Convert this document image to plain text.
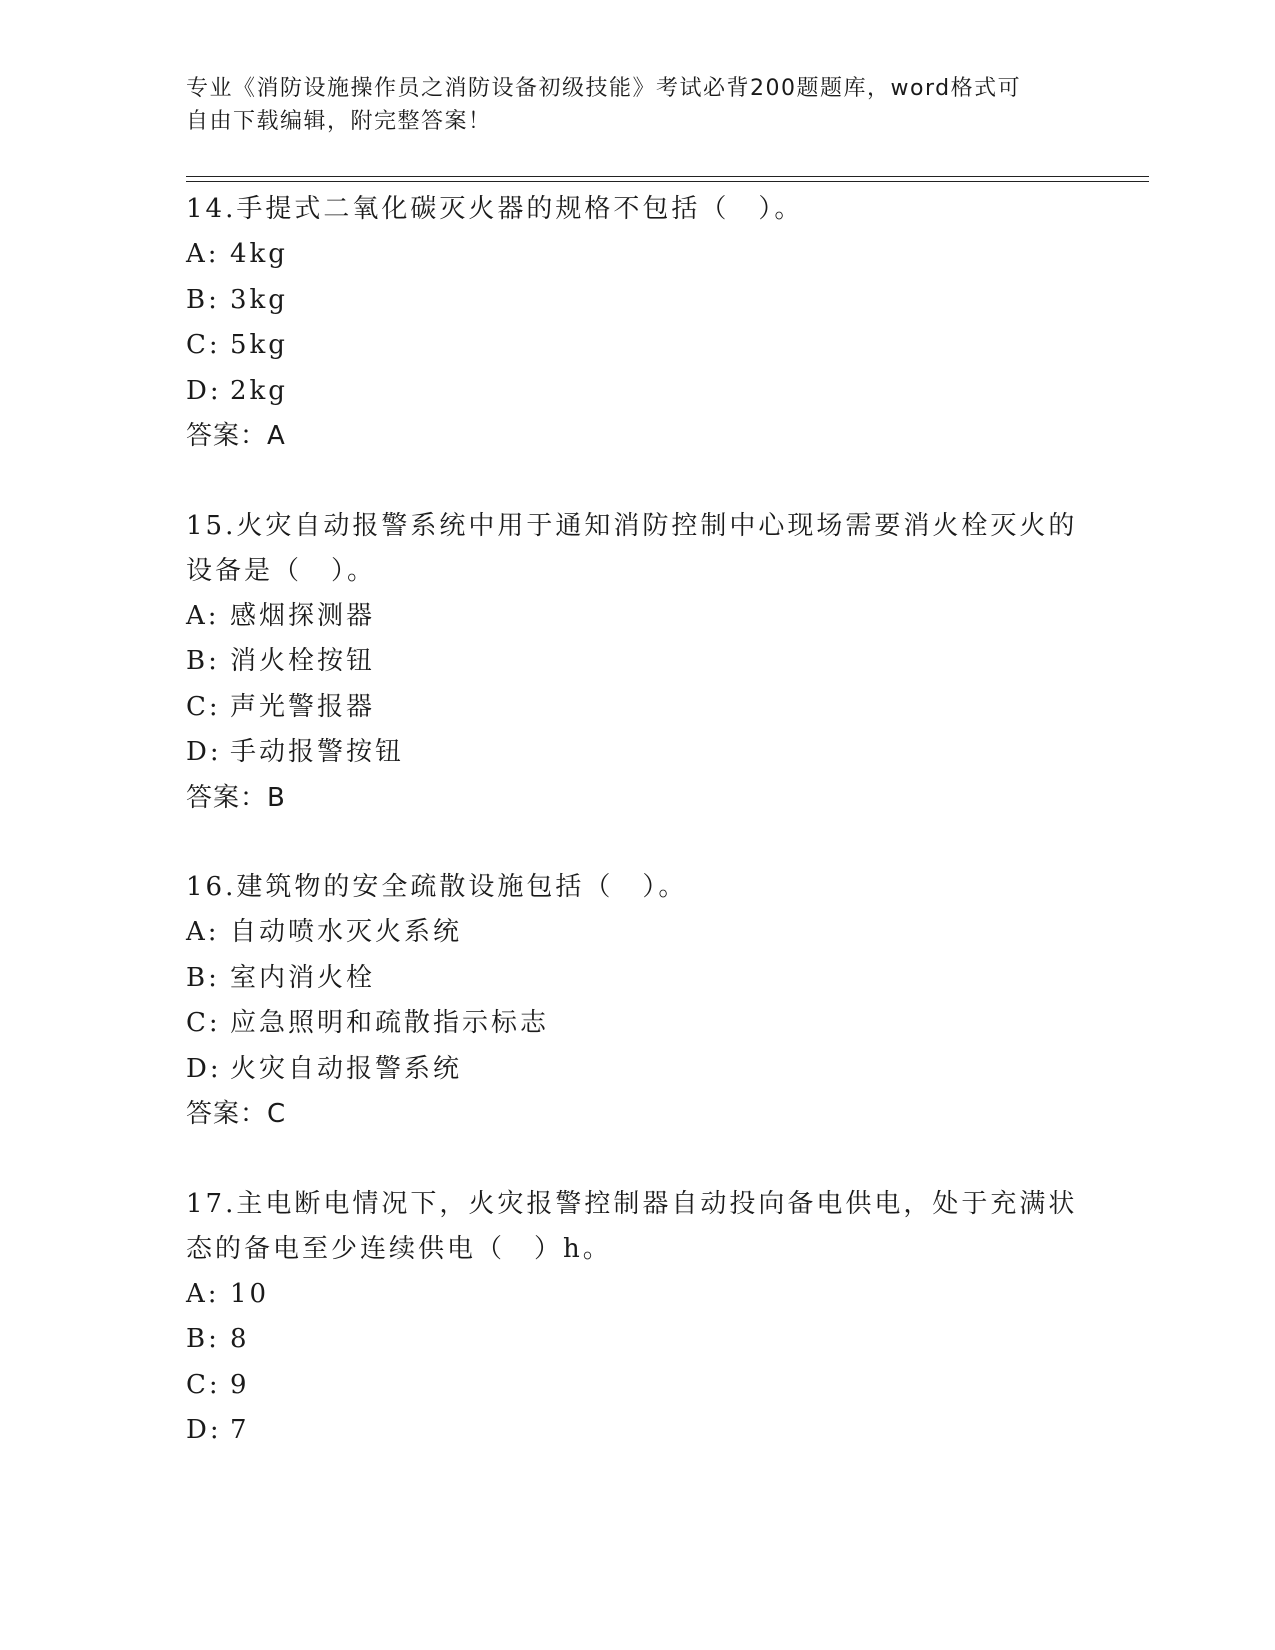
专业《消防设施操作员之消防设备初级技能》考试必背200题题库，word格式可
自由下载编辑，附完整答案！

14.手提式二氧化碳灭火器的规格不包括（　）。

A: 4kg

B: 3kg

C: 5kg

D: 2kg

答案：A

15.火灾自动报警系统中用于通知消防控制中心现场需要消火栓灭火的

设备是（　）。

A: 感烟探测器

B: 消火栓按钮

C: 声光警报器

D: 手动报警按钮

答案：B

16.建筑物的安全疏散设施包括（　）。

A: 自动喷水灭火系统

B: 室内消火栓

C: 应急照明和疏散指示标志

D: 火灾自动报警系统

答案：C

17.主电断电情况下，火灾报警控制器自动投向备电供电，处于充满状

态的备电至少连续供电（　）h。

A: 10

B: 8

C: 9

D: 7
